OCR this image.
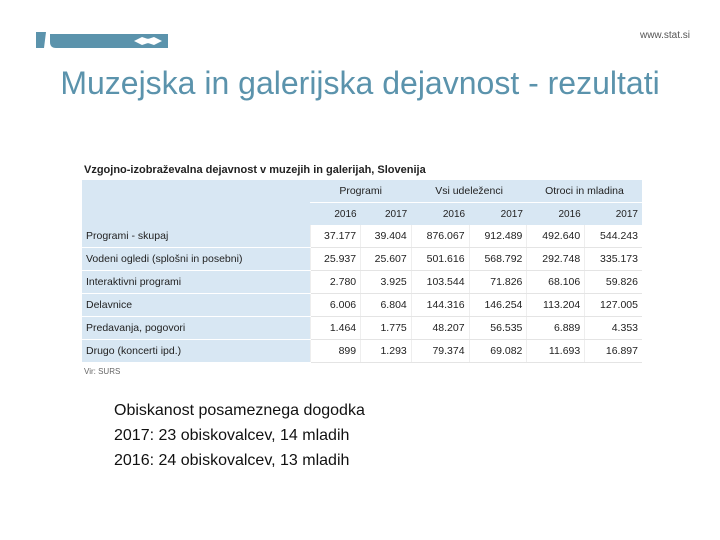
www.stat.si
Muzejska in galerijska dejavnost - rezultati
Vzgojno-izobraževalna dejavnost v muzejih in galerijah, Slovenija
	Programi		Vsi udeleženci		Otroci in mladina	
	2016	2017	2016	2017	2016	2017
Programi - skupaj	37.177	39.404	876.067	912.489	492.640	544.243
Vodeni ogledi (splošni in posebni)	25.937	25.607	501.616	568.792	292.748	335.173
Interaktivni programi	2.780	3.925	103.544	71.826	68.106	59.826
Delavnice	6.006	6.804	144.316	146.254	113.204	127.005
Predavanja, pogovori	1.464	1.775	48.207	56.535	6.889	4.353
Drugo (koncerti ipd.)	899	1.293	79.374	69.082	11.693	16.897
Vir: SURS
Obiskanost posameznega dogodka
2017: 23 obiskovalcev, 14 mladih
2016: 24 obiskovalcev, 13 mladih
